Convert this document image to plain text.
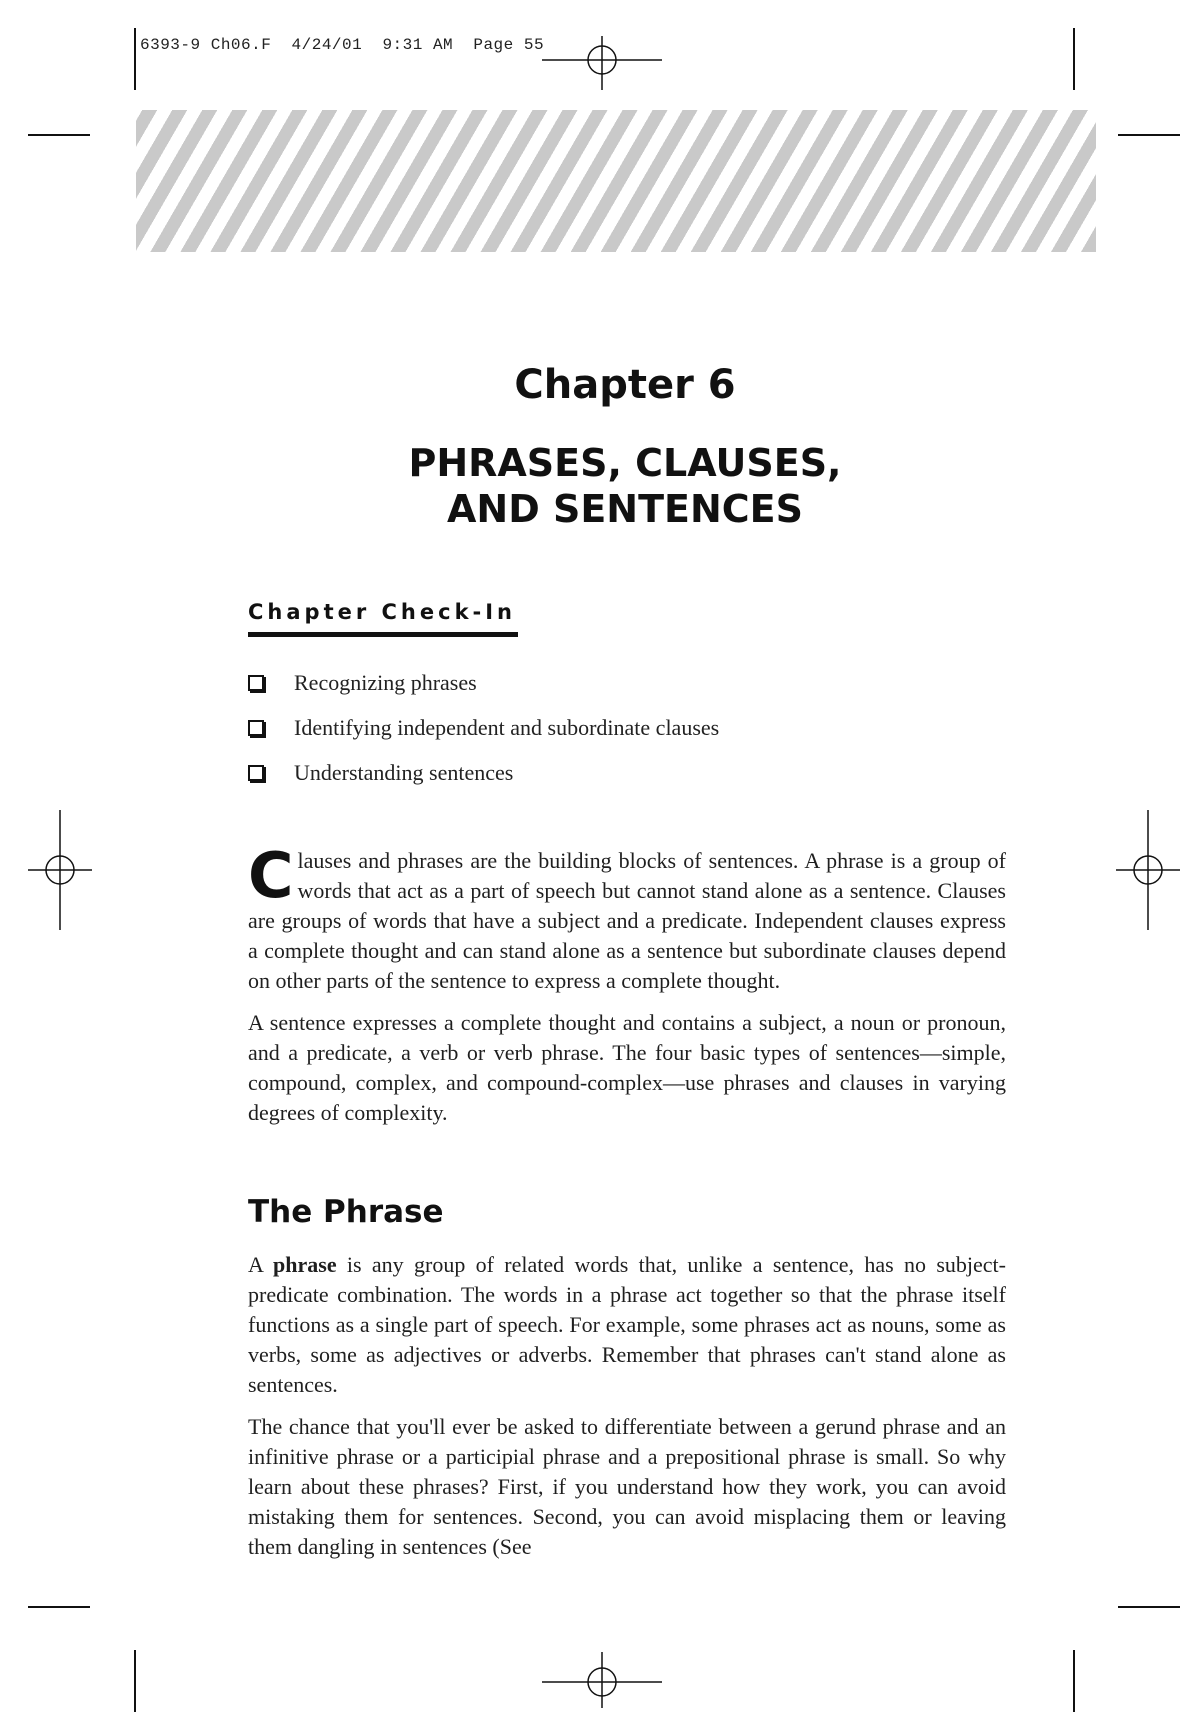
6393-9 Ch06.F  4/24/01  9:31 AM  Page 55
Chapter 6
PHRASES, CLAUSES,
AND SENTENCES
Chapter Check-In
Recognizing phrases
Identifying independent and subordinate clauses
Understanding sentences

Clauses and phrases are the building blocks of sentences. A phrase is a group of words that act as a part of speech but cannot stand alone as a sentence. Clauses are groups of words that have a subject and a predicate. Independent clauses express a complete thought and can stand alone as a sentence but subordinate clauses depend on other parts of the sentence to express a complete thought.

A sentence expresses a complete thought and contains a subject, a noun or pronoun, and a predicate, a verb or verb phrase. The four basic types of sentences—simple, compound, complex, and compound-complex—use phrases and clauses in varying degrees of complexity.

The Phrase

A phrase is any group of related words that, unlike a sentence, has no subject-predicate combination. The words in a phrase act together so that the phrase itself functions as a single part of speech. For example, some phrases act as nouns, some as verbs, some as adjectives or adverbs. Remember that phrases can't stand alone as sentences.

The chance that you'll ever be asked to differentiate between a gerund phrase and an infinitive phrase or a participial phrase and a prepositional phrase is small. So why learn about these phrases? First, if you understand how they work, you can avoid mistaking them for sentences. Second, you can avoid misplacing them or leaving them dangling in sentences (See
